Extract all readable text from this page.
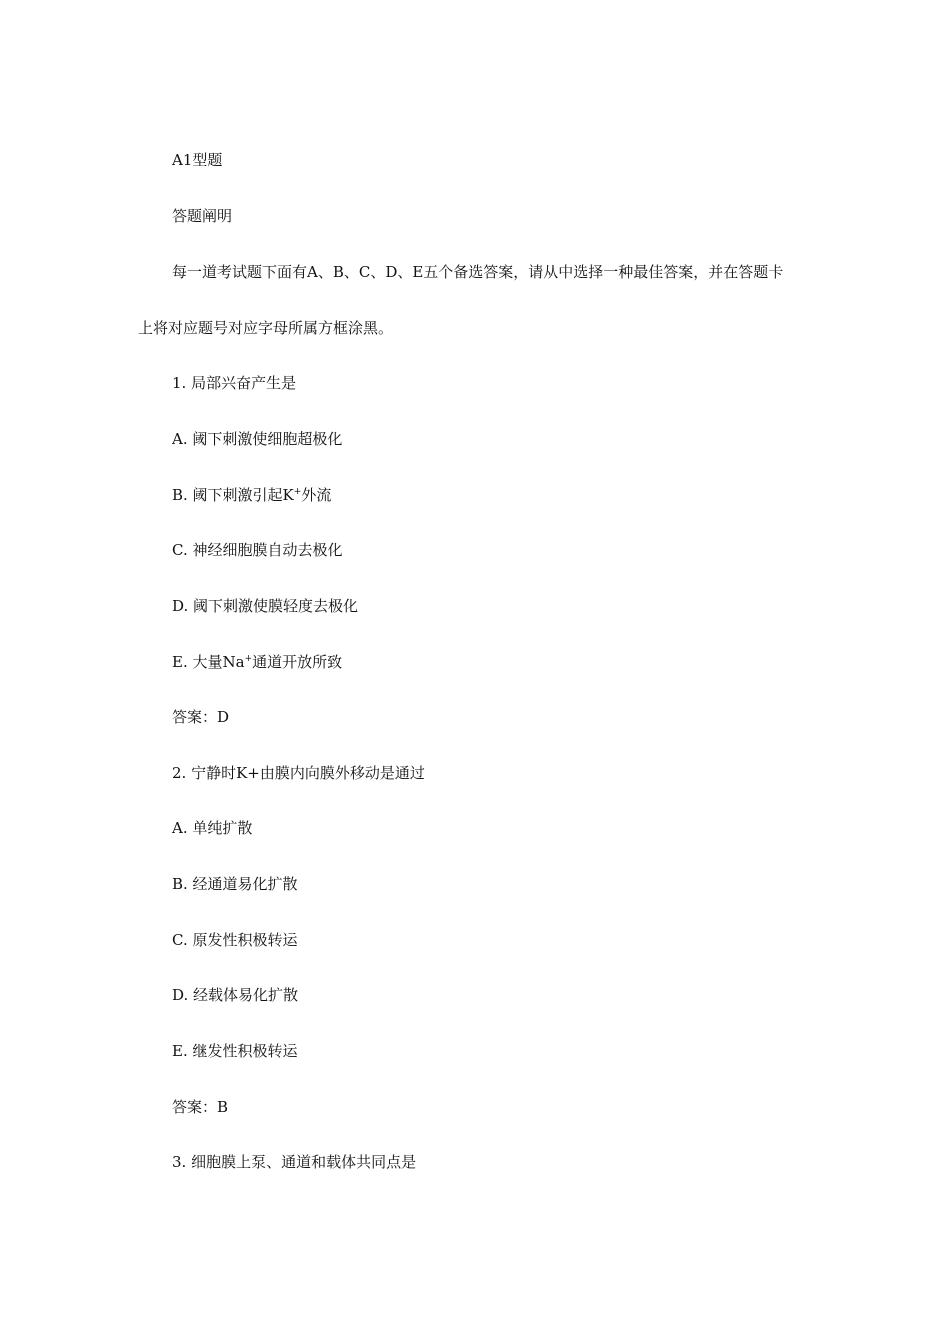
A1型题
答题阐明
每一道考试题下面有A、B、C、D、E五个备选答案，请从中选择一种最佳答案，并在答题卡
上将对应题号对应字母所属方框涂黑。
1. 局部兴奋产生是
A. 阈下刺激使细胞超极化
B. 阈下刺激引起K+外流
C. 神经细胞膜自动去极化
D. 阈下刺激使膜轻度去极化
E. 大量Na+通道开放所致
答案：D
2. 宁静时K+由膜内向膜外移动是通过
A. 单纯扩散
B. 经通道易化扩散
C. 原发性积极转运
D. 经载体易化扩散
E. 继发性积极转运
答案：B
3. 细胞膜上泵、通道和载体共同点是
